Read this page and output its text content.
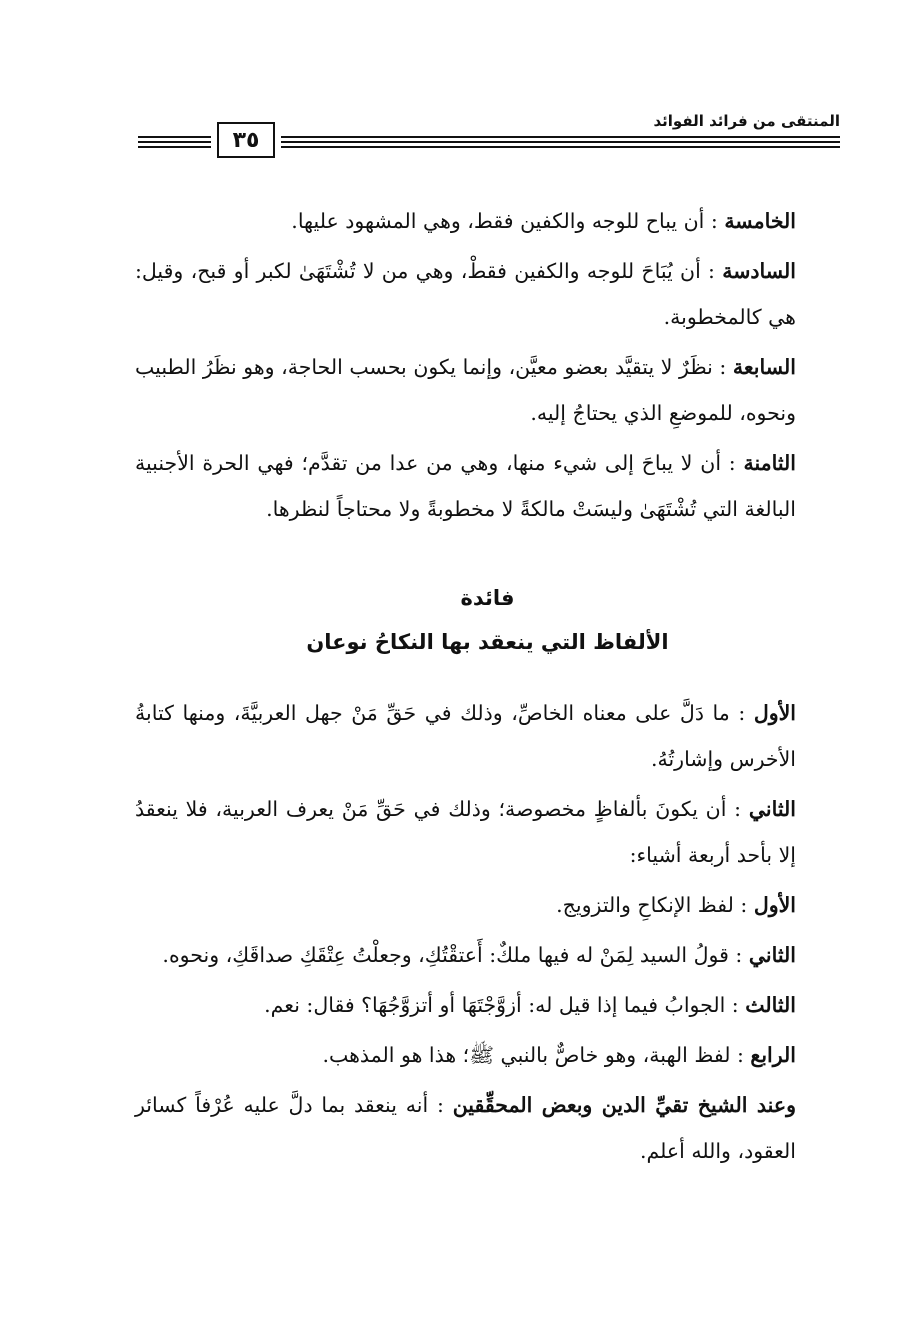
المنتقى من فرائد الفوائد
٣٥

الخامسة : أن يباح للوجه والكفين فقط، وهي المشهود عليها.

السادسة : أن يُبَاحَ للوجه والكفين فقطْ، وهي من لا تُشْتَهَىٰ لكبر أو قبح، وقيل: هي كالمخطوبة.

السابعة : نظَرٌ لا يتقيَّد بعضو معيَّن، وإنما يكون بحسب الحاجة، وهو نظَرُ الطبيب ونحوه، للموضعِ الذي يحتاجُ إليه.

الثامنة : أن لا يباحَ إلى شيء منها، وهي من عدا من تقدَّم؛ فهي الحرة الأجنبية البالغة التي تُشْتَهَىٰ وليسَتْ مالكةً لا مخطوبةً ولا محتاجاً لنظرها.

فائدة

الألفاظ التي ينعقد بها النكاحُ نوعان

الأول : ما دَلَّ على معناه الخاصِّ، وذلك في حَقِّ مَنْ جهل العربيَّةَ، ومنها كتابةُ الأخرس وإشارتُهُ.

الثاني : أن يكونَ بألفاظٍ مخصوصة؛ وذلك في حَقِّ مَنْ يعرف العربية، فلا ينعقدُ إلا بأحد أربعة أشياء:

الأول : لفظ الإنكاحِ والتزويج.

الثاني : قولُ السيد لِمَنْ له فيها ملكٌ: أَعتقْتُكِ، وجعلْتُ عِتْقَكِ صداقَكِ، ونحوه.

الثالث : الجوابُ فيما إذا قيل له: أزوَّجْتَهَا أو أتزوَّجُهَا؟ فقال: نعم.

الرابع : لفظ الهبة، وهو خاصٌّ بالنبي ﷺ؛ هذا هو المذهب.

وعند الشيخ تقيِّ الدين وبعض المحقِّقين : أنه ينعقد بما دلَّ عليه عُرْفاً كسائر العقود، والله أعلم.
